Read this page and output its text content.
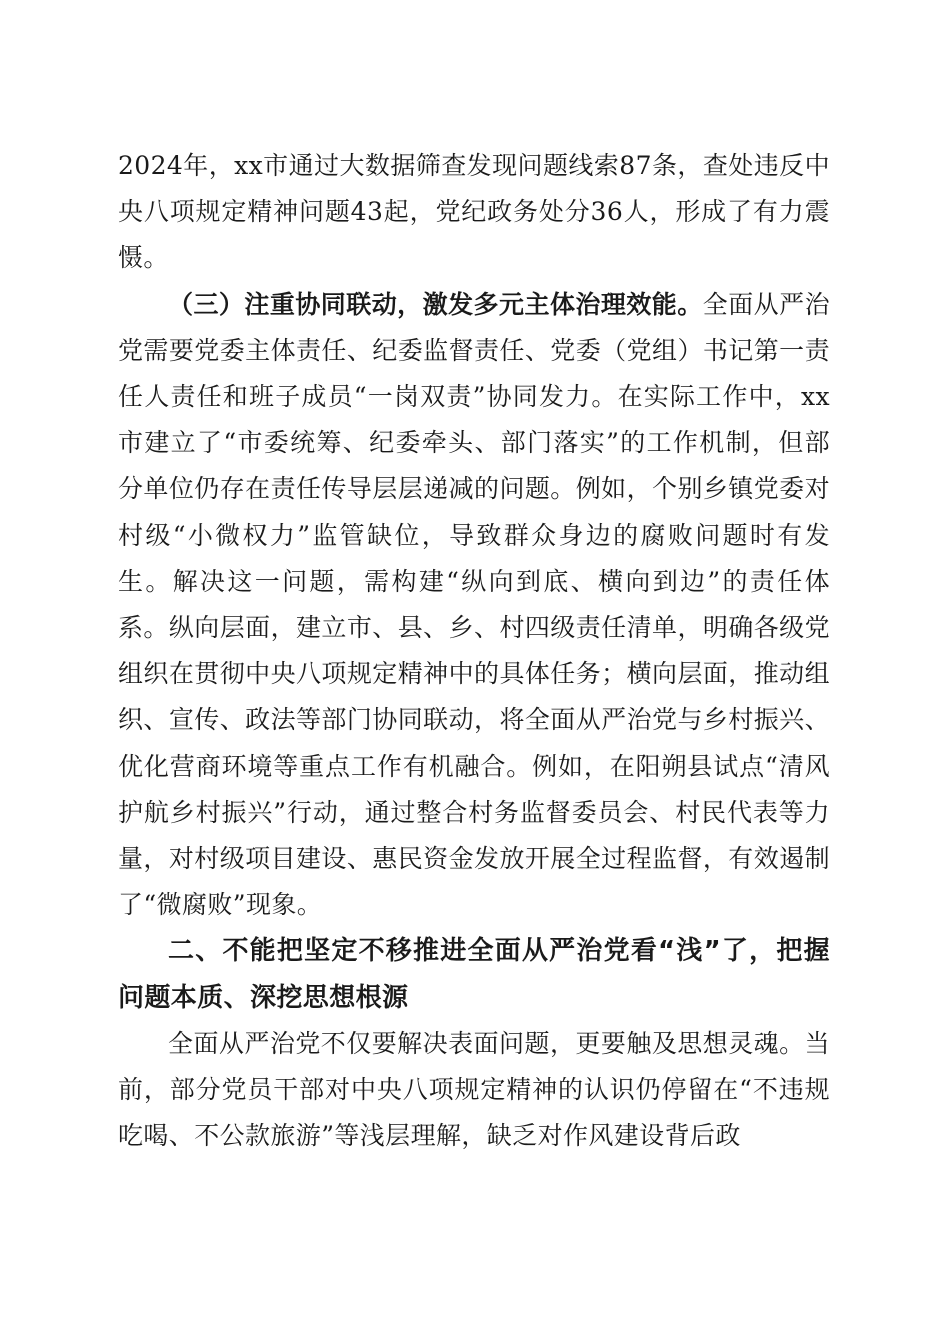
2024年，xx市通过大数据筛查发现问题线索87条，查处违反中央八项规定精神问题43起，党纪政务处分36人，形成了有力震慑。

（三）注重协同联动，激发多元主体治理效能。全面从严治党需要党委主体责任、纪委监督责任、党委（党组）书记第一责任人责任和班子成员“一岗双责”协同发力。在实际工作中，xx市建立了“市委统筹、纪委牵头、部门落实”的工作机制，但部分单位仍存在责任传导层层递减的问题。例如，个别乡镇党委对村级“小微权力”监管缺位，导致群众身边的腐败问题时有发生。解决这一问题，需构建“纵向到底、横向到边”的责任体系。纵向层面，建立市、县、乡、村四级责任清单，明确各级党组织在贯彻中央八项规定精神中的具体任务；横向层面，推动组织、宣传、政法等部门协同联动，将全面从严治党与乡村振兴、优化营商环境等重点工作有机融合。例如，在阳朔县试点“清风护航乡村振兴”行动，通过整合村务监督委员会、村民代表等力量，对村级项目建设、惠民资金发放开展全过程监督，有效遏制了“微腐败”现象。

二、不能把坚定不移推进全面从严治党看“浅”了，把握问题本质、深挖思想根源

全面从严治党不仅要解决表面问题，更要触及思想灵魂。当前，部分党员干部对中央八项规定精神的认识仍停留在“不违规吃喝、不公款旅游”等浅层理解，缺乏对作风建设背后政
